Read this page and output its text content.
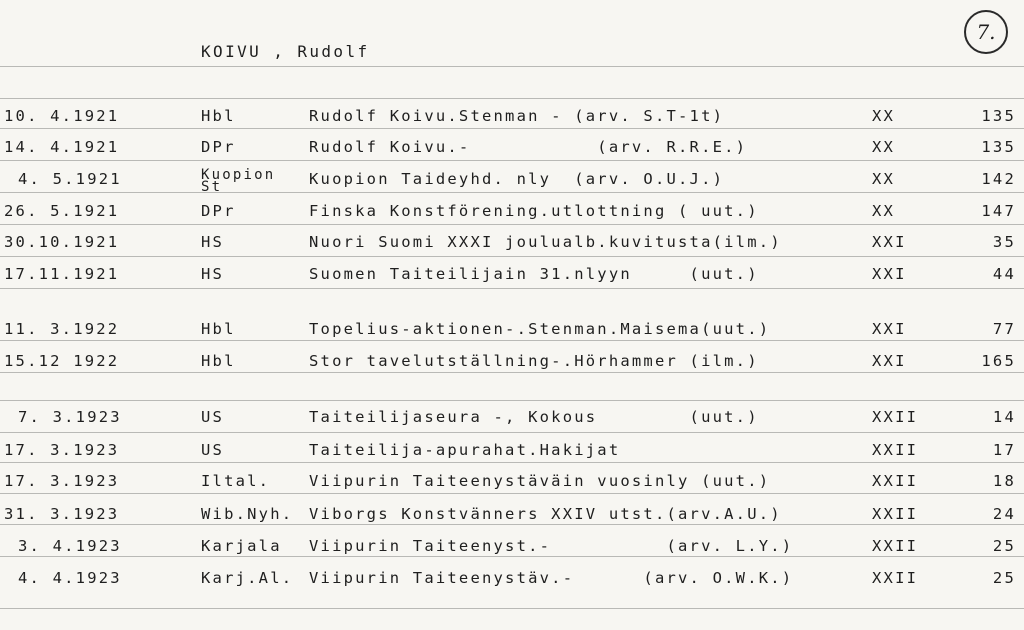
KOIVU , Rudolf
7.
10. 4.1921	Hbl	Rudolf Koivu.Stenman - (arv. S.T-1t)	XX	135
14. 4.1921	DPr	Rudolf Koivu.-           (arv. R.R.E.)	XX	135
4. 5.1921	Kuopion St	Kuopion Taideyhd. nly  (arv. O.U.J.)	XX	142
26. 5.1921	DPr	Finska Konstförening.utlottning ( uut.)	XX	147
30.10.1921	HS	Nuori Suomi XXXI joulualb.kuvitusta(ilm.)	XXI	35
17.11.1921	HS	Suomen Taiteilijain 31.nlyyn     (uut.)	XXI	44
11. 3.1922	Hbl	Topelius-aktionen-.Stenman.Maisema(uut.)	XXI	77
15.12 1922	Hbl	Stor tavelutställning-.Hörhammer (ilm.)	XXI	165
7. 3.1923	US	Taiteilijaseura -, Kokous        (uut.)	XXII	14
17. 3.1923	US	Taiteilija-apurahat.Hakijat	XXII	17
17. 3.1923	Iltal.	Viipurin Taiteenystäväin vuosinly (uut.)	XXII	18
31. 3.1923	Wib.Nyh.	Viborgs Konstvänners XXIV utst.(arv.A.U.)	XXII	24
3. 4.1923	Karjala	Viipurin Taiteenyst.-          (arv. L.Y.)	XXII	25
4. 4.1923	Karj.Al.	Viipurin Taiteenystäv.-      (arv. O.W.K.)	XXII	25
